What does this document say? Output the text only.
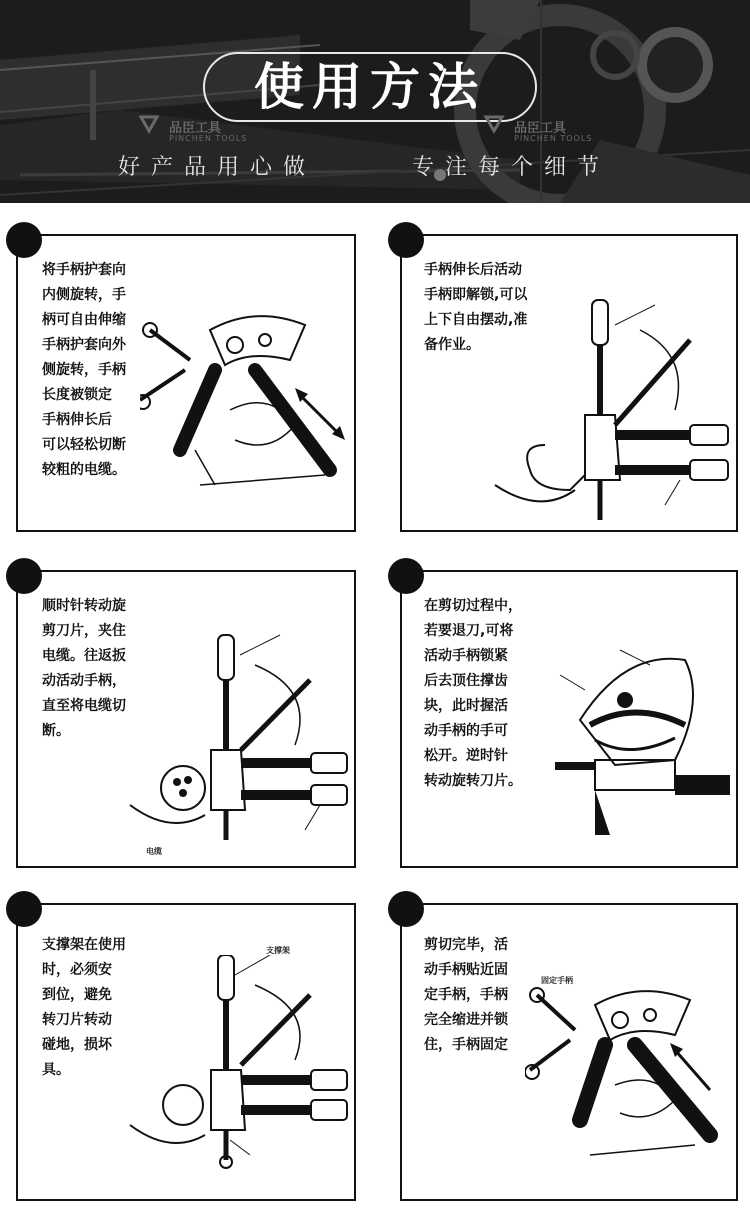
使用方法
品臣工具
PINCHEN TOOLS
品臣工具
PINCHEN TOOLS
好产品用心做	专注每个细节
将手柄护套向
内侧旋转，手
柄可自由伸缩
手柄护套向外
侧旋转，手柄
长度被锁定
手柄伸长后
可以轻松切断
较粗的电缆。
手柄伸长后活动
手柄即解锁,可以
上下自由摆动,准
备作业。
顺时针转动旋
剪刀片，夹住
电缆。往返扳
动活动手柄，
直至将电缆切
断。
电缆
在剪切过程中，
若要退刀,可将
活动手柄锁紧
后去顶住撑齿
块，此时握活
动手柄的手可
松开。逆时针
转动旋转刀片。
支撑架在使用
时，必须安
到位，避免
转刀片转动
碰地，损坏
具。
支撑架	剪切完毕，活
动手柄贴近固
定手柄，手柄
完全缩进并锁
住，手柄固定
固定手柄
